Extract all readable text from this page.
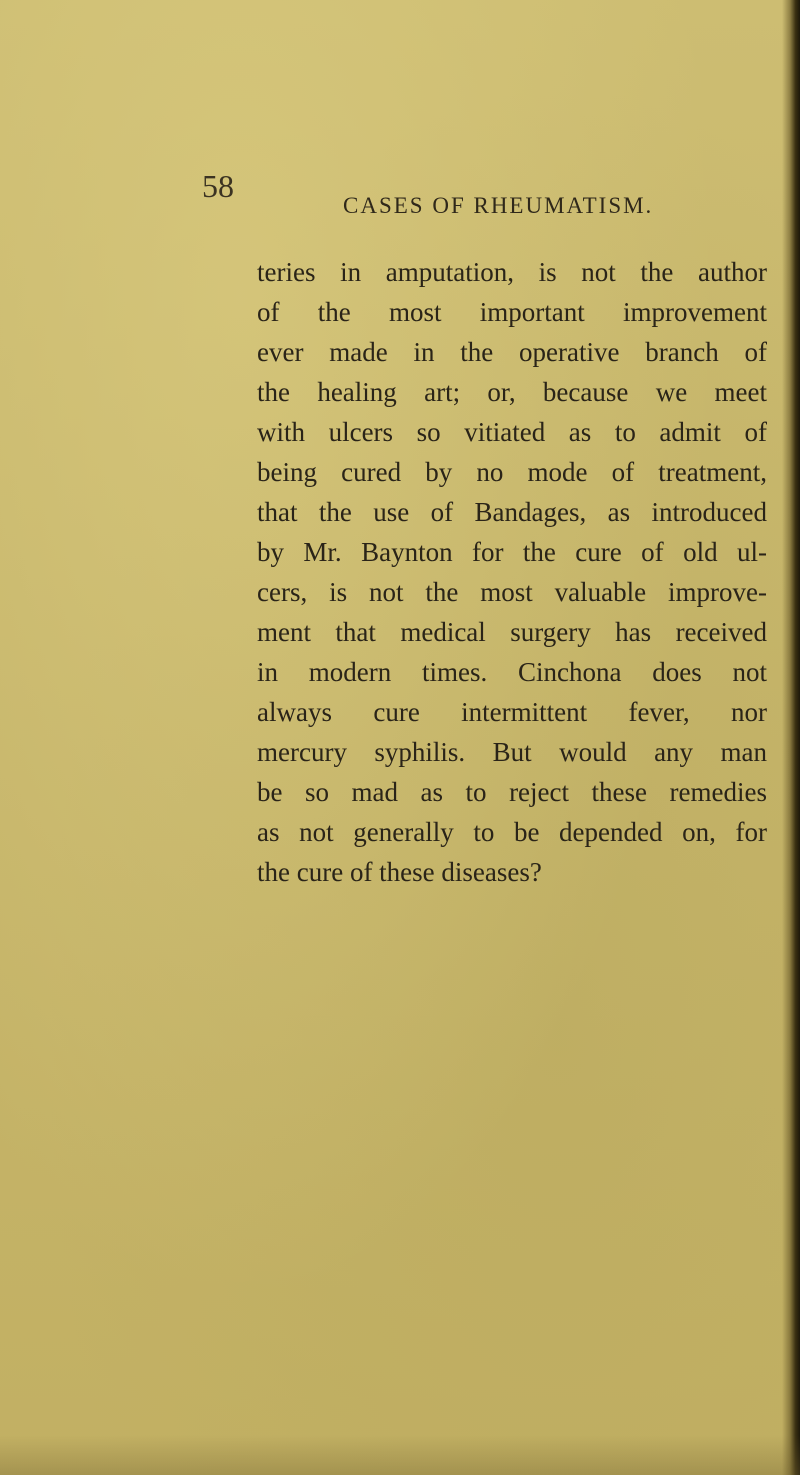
58
CASES OF RHEUMATISM.
teries in amputation, is not the author
of the most important improvement
ever made in the operative branch of
the healing art; or, because we meet
with ulcers so vitiated as to admit of
being cured by no mode of treatment,
that the use of Bandages, as introduced
by Mr. Baynton for the cure of old ul-
cers, is not the most valuable improve-
ment that medical surgery has received
in modern times. Cinchona does not
always cure intermittent fever, nor
mercury syphilis. But would any man
be so mad as to reject these remedies
as not generally to be depended on, for
the cure of these diseases?
